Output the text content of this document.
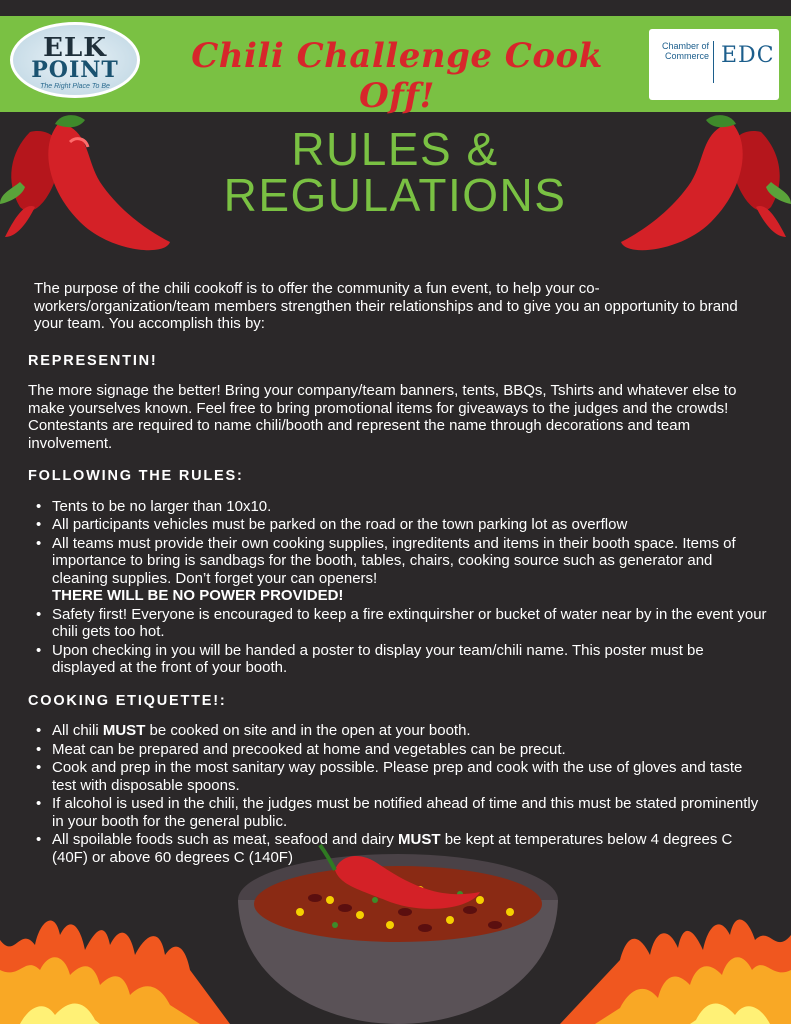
ELK
POINT
The Right Place To Be
Chili Challenge Cook Off!
Chamber of Commerce EDC
RULES &
REGULATIONS

The purpose of the chili cookoff is to offer the community a fun event, to help your co-workers/organization/team members strengthen their relationships and to give you an opportunity to brand your team. You accomplish this by:

REPRESENTIN!

The more signage the better! Bring your company/team banners, tents, BBQs, Tshirts and whatever else to make yourselves known. Feel free to bring promotional items for giveaways to the judges and the crowds! Contestants are required to name chili/booth and represent the name through decorations and team involvement.

FOLLOWING THE RULES:
• Tents to be no larger than 10x10.
• All participants vehicles must be parked on the road or the town parking lot as overflow
• All teams must provide their own cooking supplies, ingreditents and items in their booth space. Items of importance to bring is sandbags for the booth, tables, chairs, cooking source such as generator and cleaning supplies. Don’t forget your can openers!
THERE WILL BE NO POWER PROVIDED!
• Safety first! Everyone is encouraged to keep a fire extinquirsher or bucket of water near by in the event your chili gets too hot.
• Upon checking in you will be handed a poster to display your team/chili name. This poster must be displayed at the front of your booth.
COOKING ETIQUETTE!:
• All chili MUST be cooked on site and in the open at your booth.
• Meat can be prepared and precooked at home and vegetables can be precut.
• Cook and prep in the most sanitary way possible. Please prep and cook with the use of gloves and taste test with disposable spoons.
• If alcohol is used in the chili, the judges must be notified ahead of time and this must be stated prominently in your booth for the general public.
• All spoilable foods such as meat, seafood and dairy MUST be kept at temperatures below 4 degrees C (40F) or above 60 degrees C (140F)
